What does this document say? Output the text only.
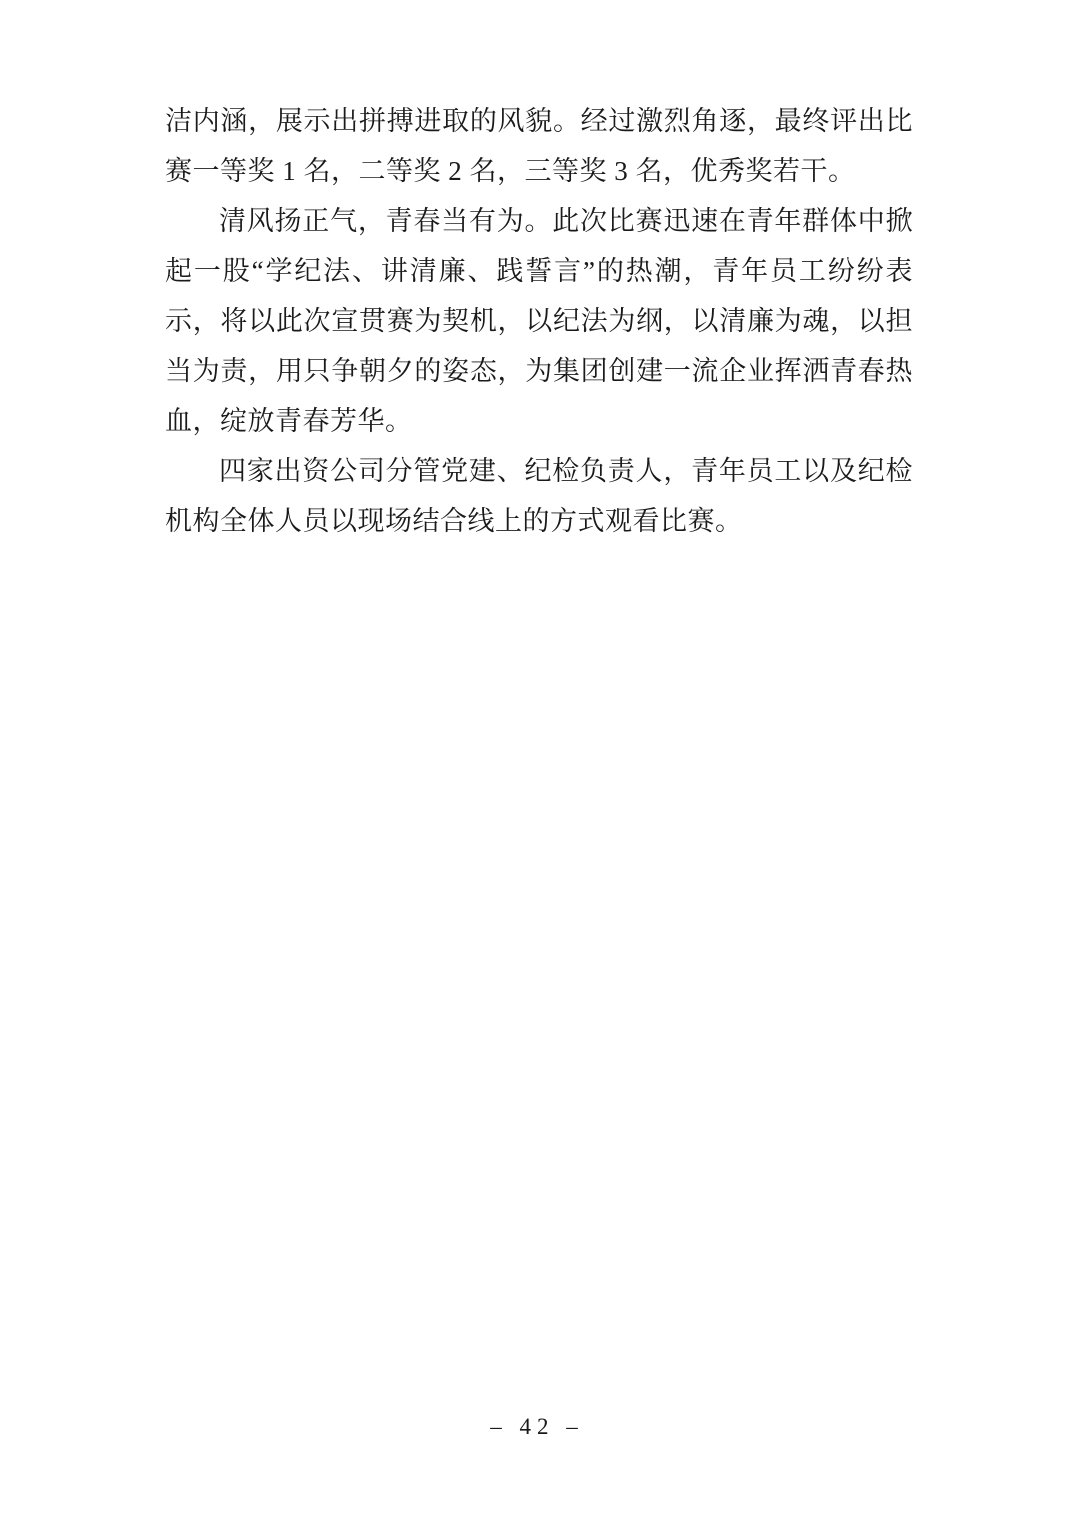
洁内涵，展示出拼搏进取的风貌。经过激烈角逐，最终评出比赛一等奖 1 名，二等奖 2 名，三等奖 3 名，优秀奖若干。

清风扬正气，青春当有为。此次比赛迅速在青年群体中掀起一股“学纪法、讲清廉、践誓言”的热潮，青年员工纷纷表示，将以此次宣贯赛为契机，以纪法为纲，以清廉为魂，以担当为责，用只争朝夕的姿态，为集团创建一流企业挥洒青春热血，绽放青春芳华。

四家出资公司分管党建、纪检负责人，青年员工以及纪检机构全体人员以现场结合线上的方式观看比赛。

– 42 –
